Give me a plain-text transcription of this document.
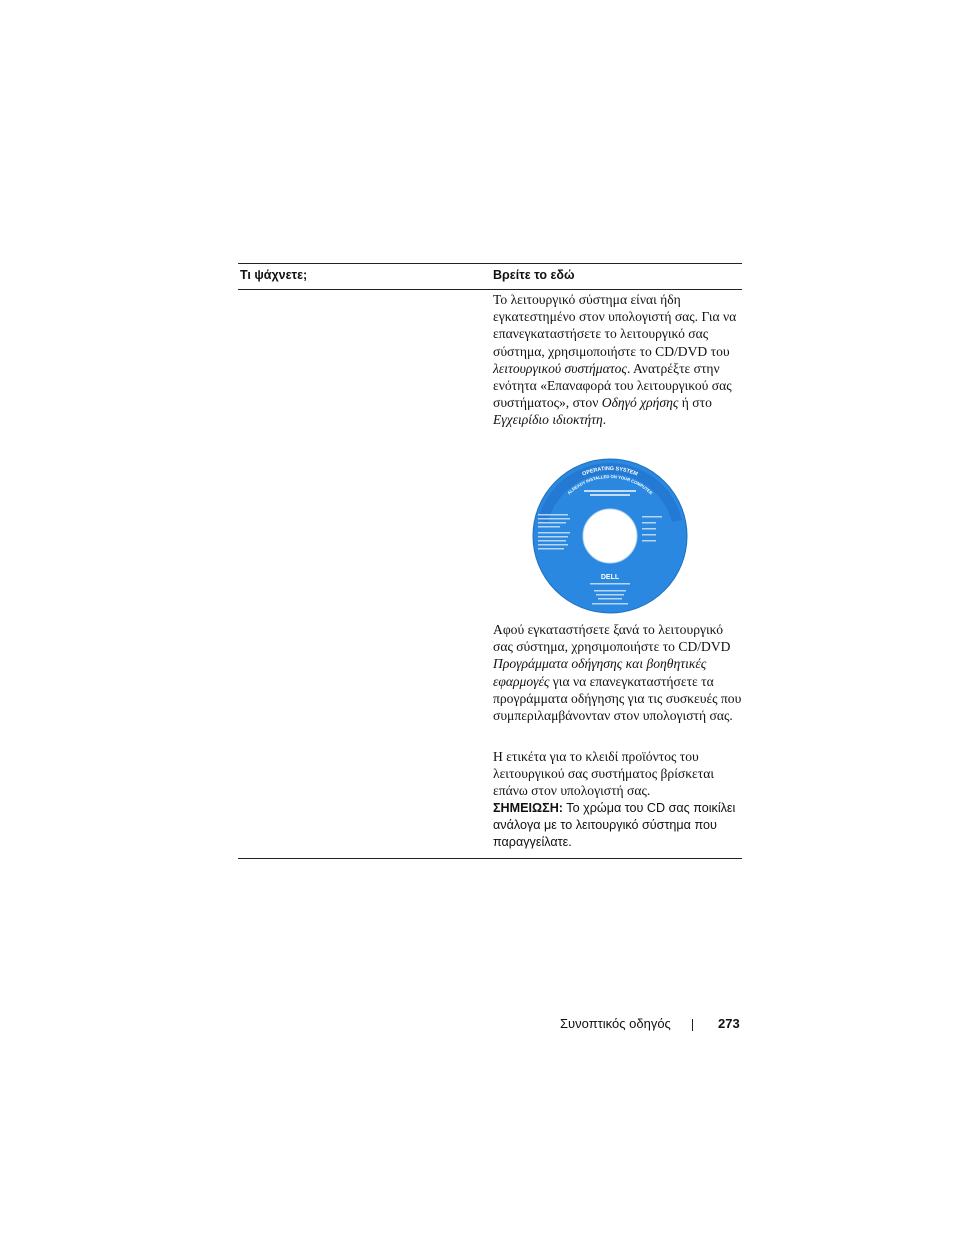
Τι ψάχνετε;	Βρείτε το εδώ
Το λειτουργικό σύστημα είναι ήδη εγκατεστημένο στον υπολογιστή σας. Για να επανεγκαταστήσετε το λειτουργικό σας σύστημα, χρησιμοποιήστε το CD/DVD του λειτουργικού συστήματος. Ανατρέξτε στην ενότητα «Επαναφορά του λειτουργικού σας συστήματος», στον Οδηγό χρήσης ή στο Εγχειρίδιο ιδιοκτήτη.
OPERATING SYSTEM
ALREADY INSTALLED ON YOUR COMPUTER
DELL
Αφού εγκαταστήσετε ξανά το λειτουργικό σας σύστημα, χρησιμοποιήστε το CD/DVD Προγράμματα οδήγησης και βοηθητικές εφαρμογές για να επανεγκαταστήσετε τα προγράμματα οδήγησης για τις συσκευές που συμπεριλαμβάνονταν στον υπολογιστή σας.
Η ετικέτα για το κλειδί προϊόντος του λειτουργικού σας συστήματος βρίσκεται επάνω στον υπολογιστή σας.
ΣΗΜΕΙΩΣΗ: Το χρώμα του CD σας ποικίλει ανάλογα με το λειτουργικό σύστημα που παραγγείλατε.
Συνοπτικός οδηγός	273
